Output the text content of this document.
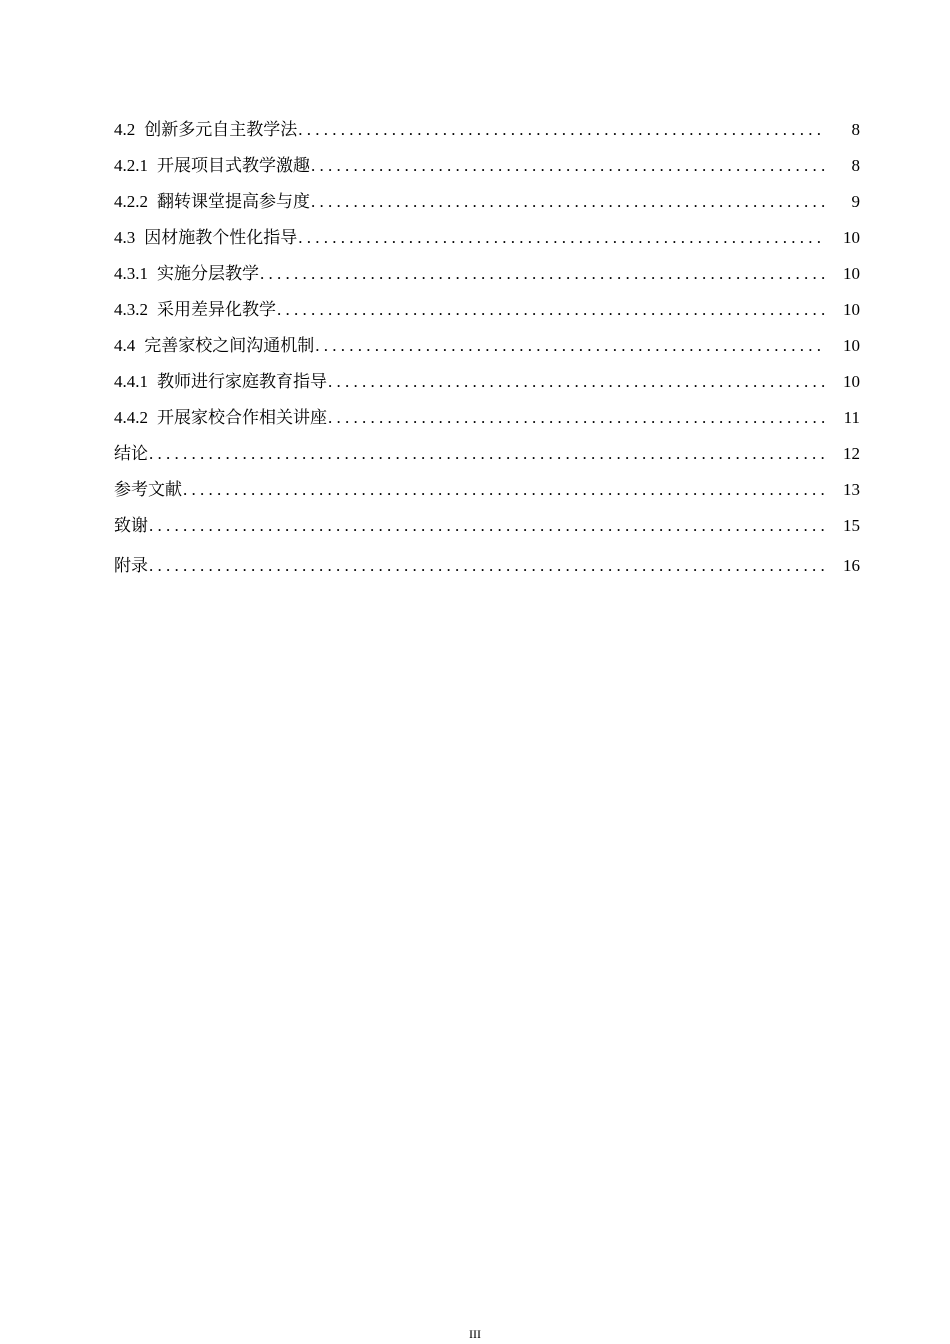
4.2 创新多元自主教学法 . . .	8
4.2.1 开展项目式教学激趣 . . .	8
4.2.2 翻转课堂提高参与度 . . .	9
4.3 因材施教个性化指导 . . .	10
4.3.1 实施分层教学 . . .	10
4.3.2 采用差异化教学 . . .	10
4.4 完善家校之间沟通机制 . . .	10
4.4.1 教师进行家庭教育指导 . . .	10
4.4.2 开展家校合作相关讲座 . . .	11
结论 . . .	12
参考文献 . . .	13
致谢 . . .	15
附录 . . .	16
III
